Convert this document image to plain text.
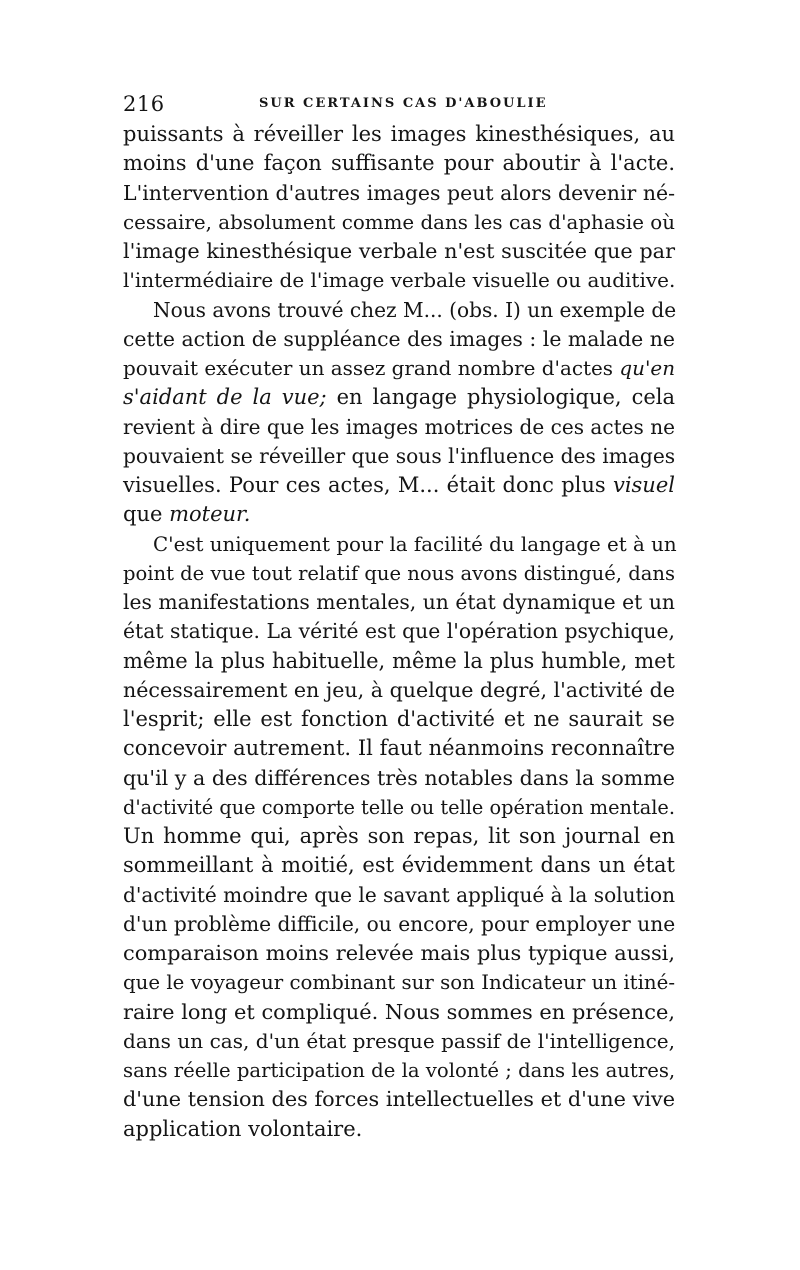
216	SUR CERTAINS CAS D'ABOULIE
puissants à réveiller les images kinesthésiques, au
moins d'une façon suffisante pour aboutir à l'acte.
L'intervention d'autres images peut alors devenir né-
cessaire, absolument comme dans les cas d'aphasie où
l'image kinesthésique verbale n'est suscitée que par
l'intermédiaire de l'image verbale visuelle ou auditive.
Nous avons trouvé chez M... (obs. I) un exemple de
cette action de suppléance des images : le malade ne
pouvait exécuter un assez grand nombre d'actes qu'en
s'aidant de la vue; en langage physiologique, cela
revient à dire que les images motrices de ces actes ne
pouvaient se réveiller que sous l'influence des images
visuelles. Pour ces actes, M... était donc plus visuel
que moteur.
C'est uniquement pour la facilité du langage et à un
point de vue tout relatif que nous avons distingué, dans
les manifestations mentales, un état dynamique et un
état statique. La vérité est que l'opération psychique,
même la plus habituelle, même la plus humble, met
nécessairement en jeu, à quelque degré, l'activité de
l'esprit; elle est fonction d'activité et ne saurait se
concevoir autrement. Il faut néanmoins reconnaître
qu'il y a des différences très notables dans la somme
d'activité que comporte telle ou telle opération mentale.
Un homme qui, après son repas, lit son journal en
sommeillant à moitié, est évidemment dans un état
d'activité moindre que le savant appliqué à la solution
d'un problème difficile, ou encore, pour employer une
comparaison moins relevée mais plus typique aussi,
que le voyageur combinant sur son Indicateur un itiné-
raire long et compliqué. Nous sommes en présence,
dans un cas, d'un état presque passif de l'intelligence,
sans réelle participation de la volonté ; dans les autres,
d'une tension des forces intellectuelles et d'une vive
application volontaire.
